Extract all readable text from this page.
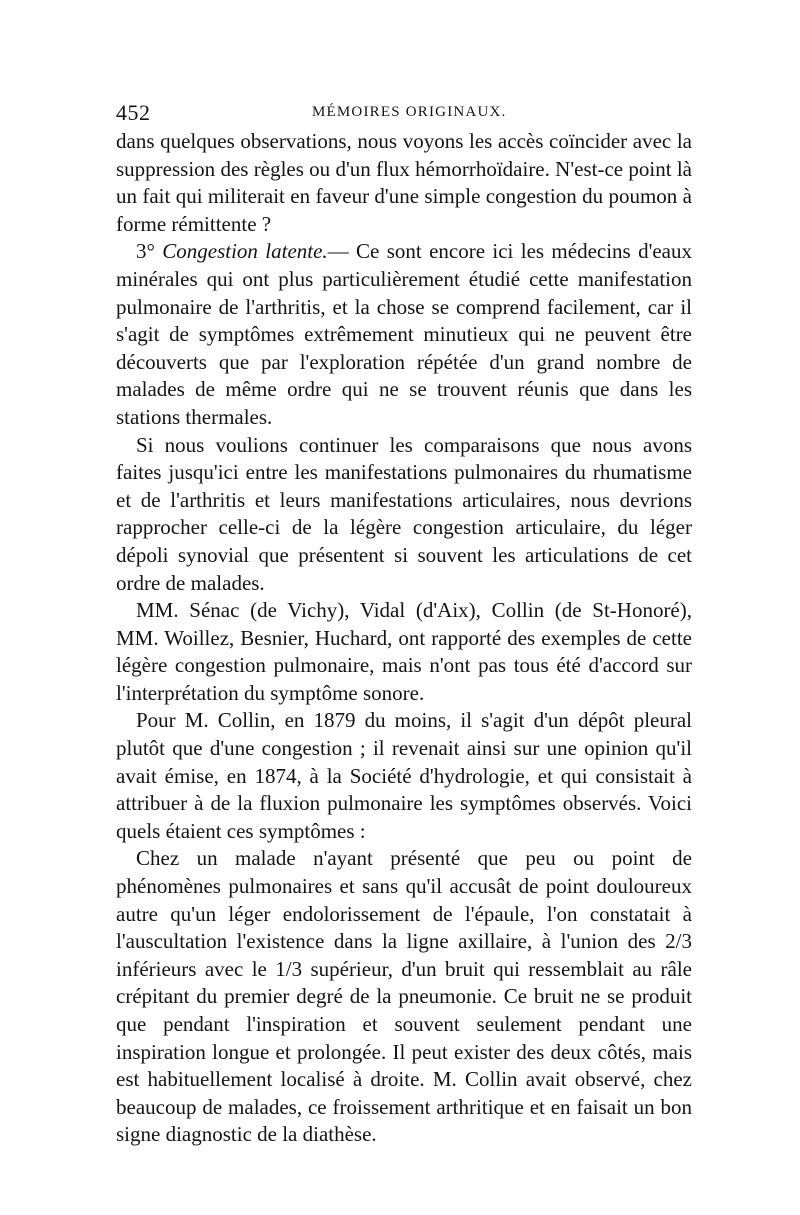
452	MÉMOIRES ORIGINAUX.

dans quelques observations, nous voyons les accès coïncider avec la suppression des règles ou d'un flux hémorrhoïdaire. N'est-ce point là un fait qui militerait en faveur d'une simple congestion du poumon à forme rémittente ?

3° Congestion latente.— Ce sont encore ici les médecins d'eaux minérales qui ont plus particulièrement étudié cette manifestation pulmonaire de l'arthritis, et la chose se comprend facilement, car il s'agit de symptômes extrêmement minutieux qui ne peuvent être découverts que par l'exploration répétée d'un grand nombre de malades de même ordre qui ne se trouvent réunis que dans les stations thermales.

Si nous voulions continuer les comparaisons que nous avons faites jusqu'ici entre les manifestations pulmonaires du rhumatisme et de l'arthritis et leurs manifestations articulaires, nous devrions rapprocher celle-ci de la légère congestion articulaire, du léger dépoli synovial que présentent si souvent les articulations de cet ordre de malades.

MM. Sénac (de Vichy), Vidal (d'Aix), Collin (de St-Honoré), MM. Woillez, Besnier, Huchard, ont rapporté des exemples de cette légère congestion pulmonaire, mais n'ont pas tous été d'accord sur l'interprétation du symptôme sonore.

Pour M. Collin, en 1879 du moins, il s'agit d'un dépôt pleural plutôt que d'une congestion ; il revenait ainsi sur une opinion qu'il avait émise, en 1874, à la Société d'hydrologie, et qui consistait à attribuer à de la fluxion pulmonaire les symptômes observés. Voici quels étaient ces symptômes :

Chez un malade n'ayant présenté que peu ou point de phénomènes pulmonaires et sans qu'il accusât de point douloureux autre qu'un léger endolorissement de l'épaule, l'on constatait à l'auscultation l'existence dans la ligne axillaire, à l'union des 2/3 inférieurs avec le 1/3 supérieur, d'un bruit qui ressemblait au râle crépitant du premier degré de la pneumonie. Ce bruit ne se produit que pendant l'inspiration et souvent seulement pendant une inspiration longue et prolongée. Il peut exister des deux côtés, mais est habituellement localisé à droite. M. Collin avait observé, chez beaucoup de malades, ce froissement arthritique et en faisait un bon signe diagnostic de la diathèse.
